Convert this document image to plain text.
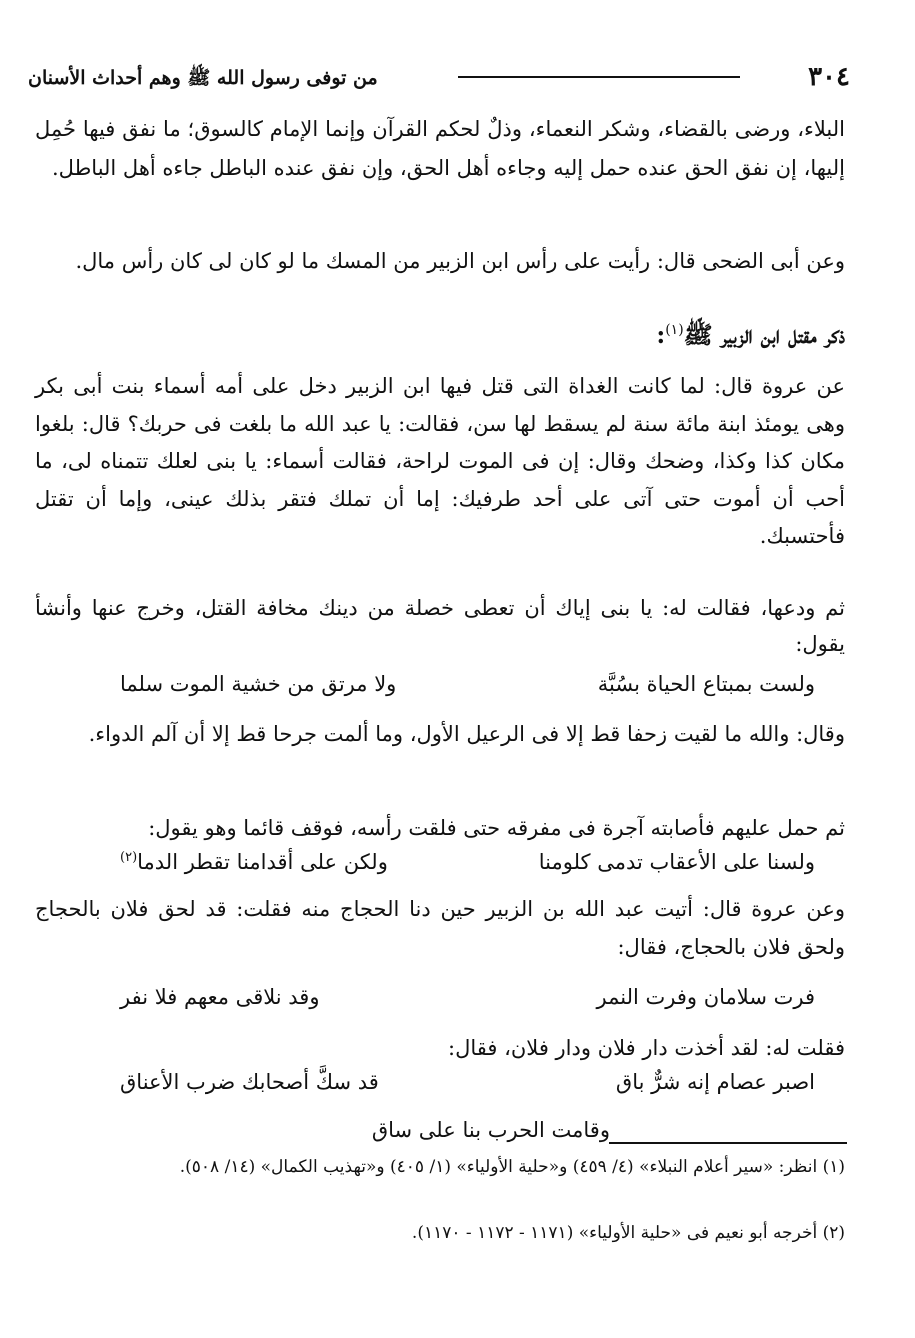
٣٠٤
من توفى رسول الله ﷺ وهم أحداث الأسنان

البلاء، ورضى بالقضاء، وشكر النعماء، وذلٌ لحكم القرآن وإنما الإمام كالسوق؛ ما نفق فيها حُمِل إليها، إن نفق الحق عنده حمل إليه وجاءه أهل الحق، وإن نفق عنده الباطل جاءه أهل الباطل.

وعن أبى الضحى قال: رأيت على رأس ابن الزبير من المسك ما لو كان لى كان رأس مال.

ذكر مقتل ابن الزبير ﷺ$^{(١)}$:

عن عروة قال: لما كانت الغداة التى قتل فيها ابن الزبير دخل على أمه أسماء بنت أبى بكر وهى يومئذ ابنة مائة سنة لم يسقط لها سن، فقالت: يا عبد الله ما بلغت فى حربك؟ قال: بلغوا مكان كذا وكذا، وضحك وقال: إن فى الموت لراحة، فقالت أسماء: يا بنى لعلك تتمناه لى، ما أحب أن أموت حتى آتى على أحد طرفيك: إما أن تملك فتقر بذلك عينى، وإما أن تقتل فأحتسبك.

ثم ودعها، فقالت له: يا بنى إياك أن تعطى خصلة من دينك مخافة القتل، وخرج عنها وأنشأ يقول:

ولست بمبتاع الحياة بسُبَّة
ولا مرتق من خشية الموت سلما

وقال: والله ما لقيت زحفا قط إلا فى الرعيل الأول، وما ألمت جرحا قط إلا أن آلم الدواء.

ثم حمل عليهم فأصابته آجرة فى مفرقه حتى فلقت رأسه، فوقف قائما وهو يقول:

ولسنا على الأعقاب تدمى كلومنا
ولكن على أقدامنا تقطر الدما$^{(٢)}$

وعن عروة قال: أتيت عبد الله بن الزبير حين دنا الحجاج منه فقلت: قد لحق فلان بالحجاج ولحق فلان بالحجاج، فقال:

فرت سلامان وفرت النمر
وقد نلاقى معهم فلا نفر

فقلت له: لقد أخذت دار فلان ودار فلان، فقال:

اصبر عصام إنه شرٌّ باق
قد سكَّ أصحابك ضرب الأعناق
وقامت الحرب بنا على ساق

(١) انظر: «سير أعلام النبلاء» (٤/ ٤٥٩) و«حلية الأولياء» (١/ ٤٠٥) و«تهذيب الكمال» (١٤/ ٥٠٨).

(٢) أخرجه أبو نعيم فى «حلية الأولياء» (١١٧١ - ١١٧٢ - ١١٧٠).
